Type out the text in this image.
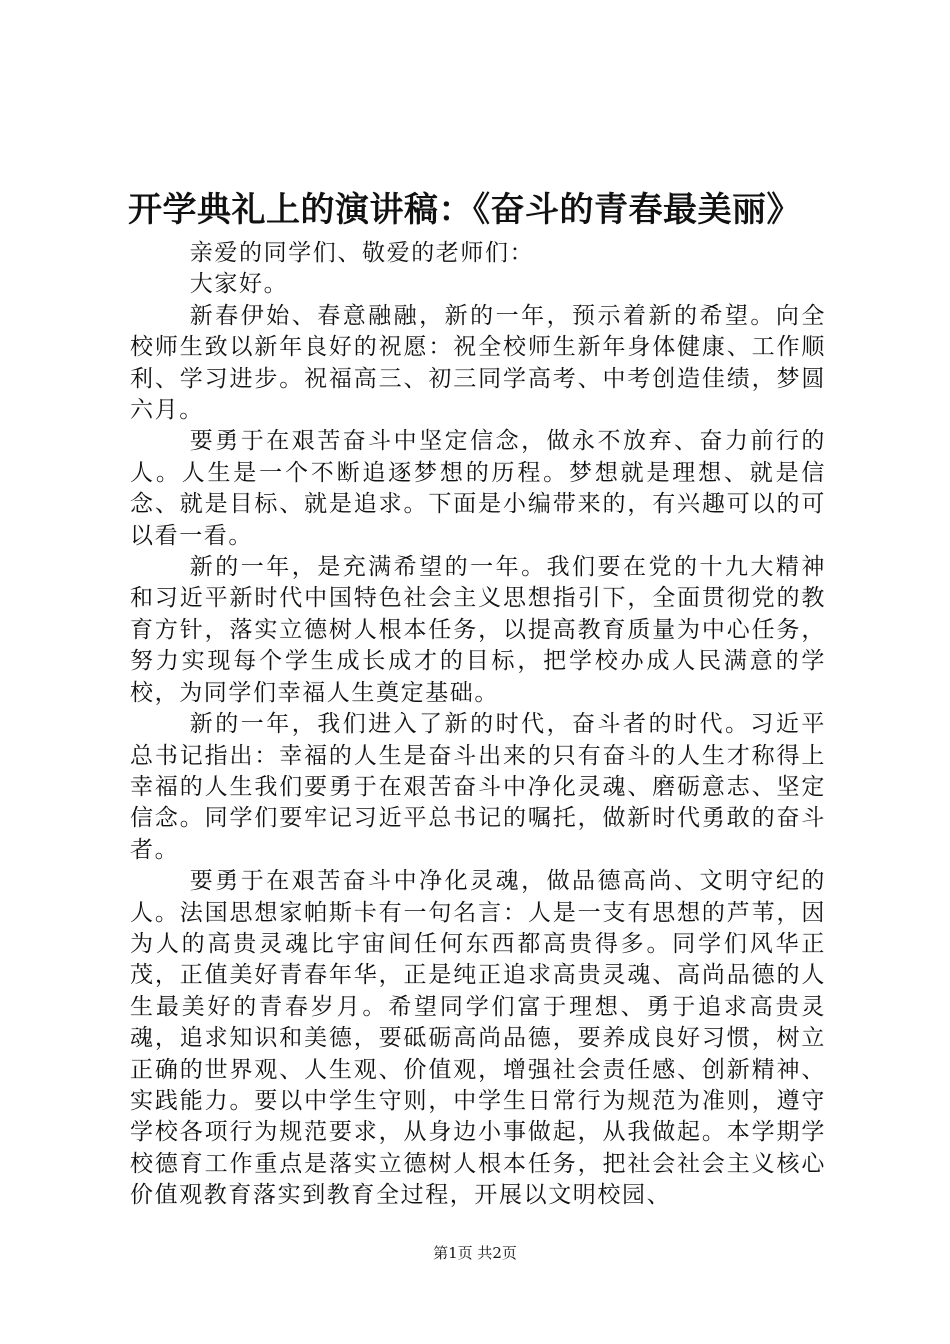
开学典礼上的演讲稿：《奋斗的青春最美丽》

亲爱的同学们、敬爱的老师们：

大家好。

新春伊始、春意融融，新的一年，预示着新的希望。向全校师生致以新年良好的祝愿：祝全校师生新年身体健康、工作顺利、学习进步。祝福高三、初三同学高考、中考创造佳绩，梦圆六月。

要勇于在艰苦奋斗中坚定信念，做永不放弃、奋力前行的人。人生是一个不断追逐梦想的历程。梦想就是理想、就是信念、就是目标、就是追求。下面是小编带来的，有兴趣可以的可以看一看。

新的一年，是充满希望的一年。我们要在党的十九大精神和习近平新时代中国特色社会主义思想指引下，全面贯彻党的教育方针，落实立德树人根本任务，以提高教育质量为中心任务，努力实现每个学生成长成才的目标，把学校办成人民满意的学校，为同学们幸福人生奠定基础。

新的一年，我们进入了新的时代，奋斗者的时代。习近平总书记指出：幸福的人生是奋斗出来的只有奋斗的人生才称得上幸福的人生我们要勇于在艰苦奋斗中净化灵魂、磨砺意志、坚定信念。同学们要牢记习近平总书记的嘱托，做新时代勇敢的奋斗者。

要勇于在艰苦奋斗中净化灵魂，做品德高尚、文明守纪的人。法国思想家帕斯卡有一句名言：人是一支有思想的芦苇，因为人的高贵灵魂比宇宙间任何东西都高贵得多。同学们风华正茂，正值美好青春年华，正是纯正追求高贵灵魂、高尚品德的人生最美好的青春岁月。希望同学们富于理想、勇于追求高贵灵魂，追求知识和美德，要砥砺高尚品德，要养成良好习惯，树立正确的世界观、人生观、价值观，增强社会责任感、创新精神、实践能力。要以中学生守则，中学生日常行为规范为准则，遵守学校各项行为规范要求，从身边小事做起，从我做起。本学期学校德育工作重点是落实立德树人根本任务，把社会社会主义核心价值观教育落实到教育全过程，开展以文明校园、

第1页 共2页
